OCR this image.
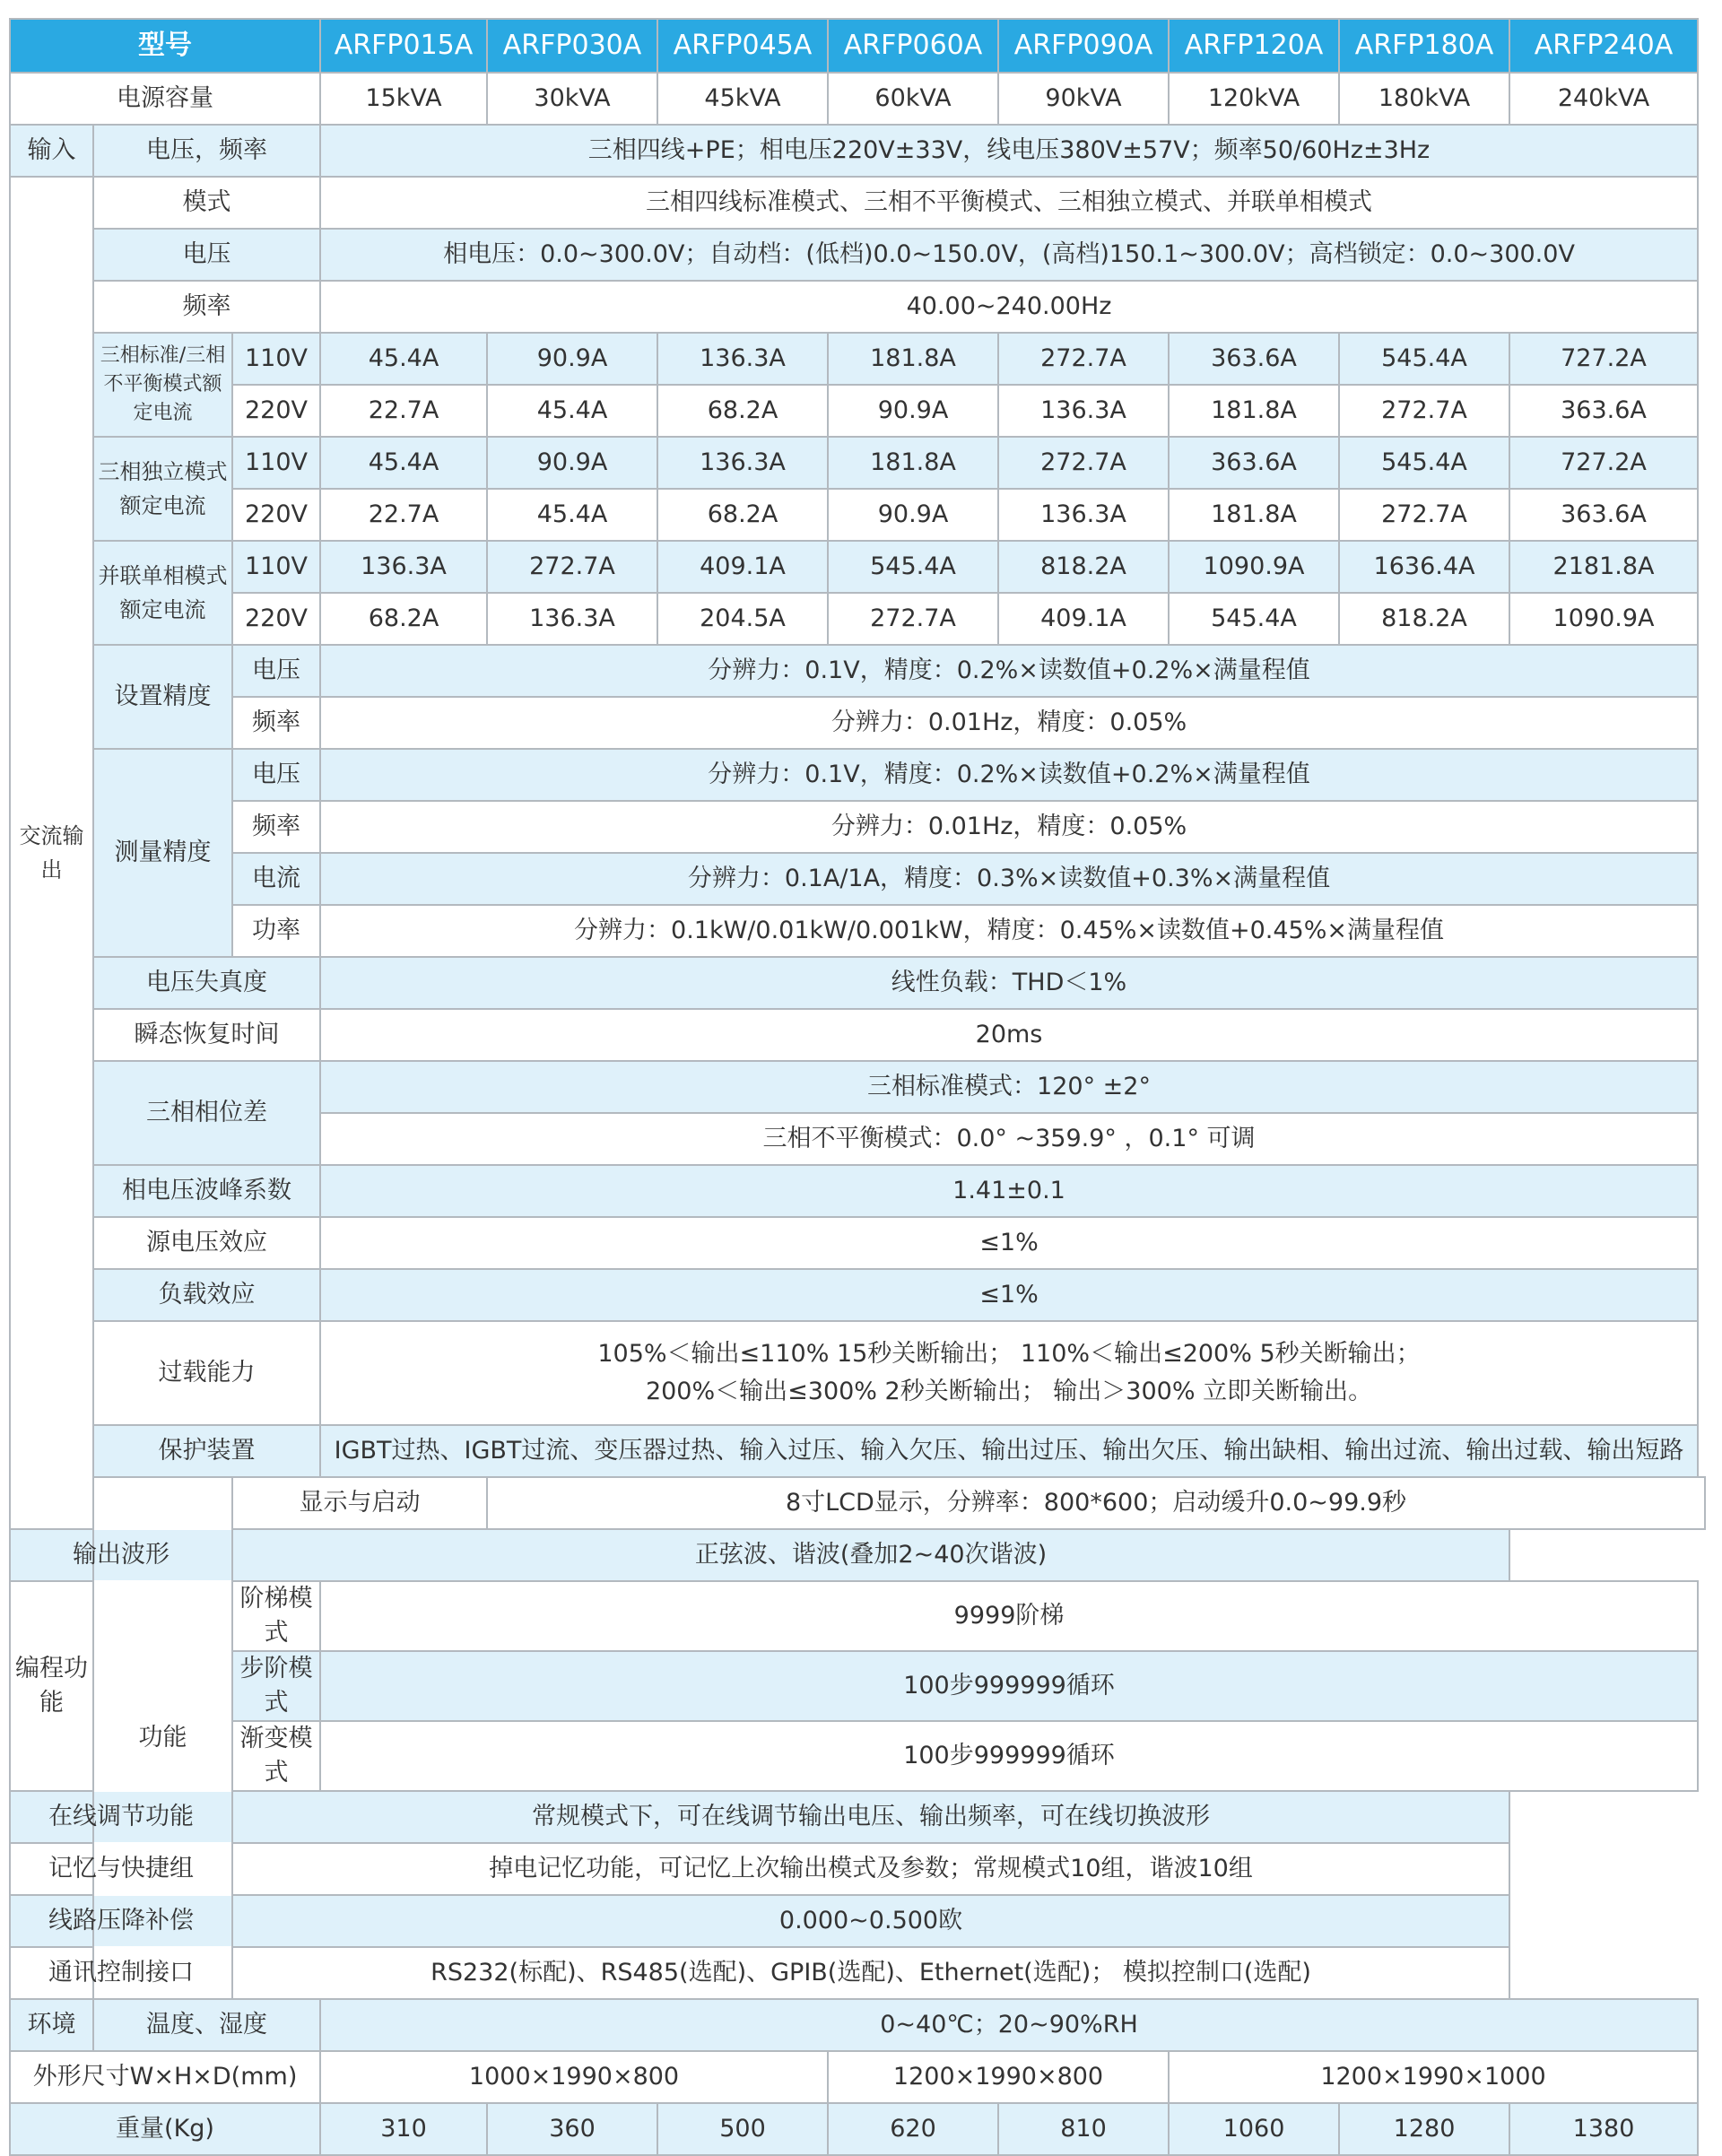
型号			ARFP015A	ARFP030A	ARFP045A	ARFP060A	ARFP090A	ARFP120A	ARFP180A	ARFP240A
电源容量			15kVA	30kVA	45kVA	60kVA	90kVA	120kVA	180kVA	240kVA
输入	电压，频率		三相四线+PE；相电压220V±33V，线电压380V±57V；频率50/60Hz±3Hz							
交流输出	模式		三相四线标准模式、三相不平衡模式、三相独立模式、并联单相模式							
	电压		相电压：0.0~300.0V；自动档：(低档)0.0~150.0V，(高档)150.1~300.0V；高档锁定：0.0~300.0V							
	频率		40.00~240.00Hz							
	三相标准/三相不平衡模式额定电流	110V	45.4A	90.9A	136.3A	181.8A	272.7A	363.6A	545.4A	727.2A
		220V	22.7A	45.4A	68.2A	90.9A	136.3A	181.8A	272.7A	363.6A
	三相独立模式额定电流	110V	45.4A	90.9A	136.3A	181.8A	272.7A	363.6A	545.4A	727.2A
		220V	22.7A	45.4A	68.2A	90.9A	136.3A	181.8A	272.7A	363.6A
	并联单相模式额定电流	110V	136.3A	272.7A	409.1A	545.4A	818.2A	1090.9A	1636.4A	2181.8A
		220V	68.2A	136.3A	204.5A	272.7A	409.1A	545.4A	818.2A	1090.9A
	设置精度	电压	分辨力：0.1V，精度：0.2%×读数值+0.2%×满量程值							
		频率	分辨力：0.01Hz，精度：0.05%							
	测量精度	电压	分辨力：0.1V，精度：0.2%×读数值+0.2%×满量程值							
		频率	分辨力：0.01Hz，精度：0.05%							
		电流	分辨力：0.1A/1A，精度：0.3%×读数值+0.3%×满量程值							
		功率	分辨力：0.1kW/0.01kW/0.001kW，精度：0.45%×读数值+0.45%×满量程值							
	电压失真度		线性负载：THD＜1%							
	瞬态恢复时间		20ms							
	三相相位差		三相标准模式：120° ±2°							
			三相不平衡模式：0.0° ~359.9° ，0.1° 可调							
	相电压波峰系数		1.41±0.1							
	源电压效应		≤1%							
	负载效应		≤1%							
	过载能力		105%＜输出≤110% 15秒关断输出； 110%＜输出≤200% 5秒关断输出；
200%＜输出≤300% 2秒关断输出； 输出＞300% 立即关断输出。							

	保护装置		IGBT过热、IGBT过流、变压器过热、输入过压、输入欠压、输出过压、输出欠压、输出缺相、输出过流、输出过载、输出短路							
	功能	显示与启动		8寸LCD显示，分辨率：800*600；启动缓升0.0~99.9秒						
输出波形		正弦波、谐波(叠加2~40次谐波)								
编程功能		阶梯模式	9999阶梯							
		步阶模式	100步999999循环							
		渐变模式	100步999999循环							
在线调节功能		常规模式下，可在线调节输出电压、输出频率，可在线切换波形								
记忆与快捷组		掉电记忆功能，可记忆上次输出模式及参数；常规模式10组，谐波10组								
线路压降补偿		0.000~0.500欧								
通讯控制接口		RS232(标配)、RS485(选配)、GPIB(选配)、Ethernet(选配)； 模拟控制口(选配)								
环境	温度、湿度		0~40℃；20~90%RH							
外形尺寸W×H×D(mm)			1000×1990×800			1200×1990×800		1200×1990×1000		
重量(Kg)			310	360	500	620	810	1060	1280	1380
